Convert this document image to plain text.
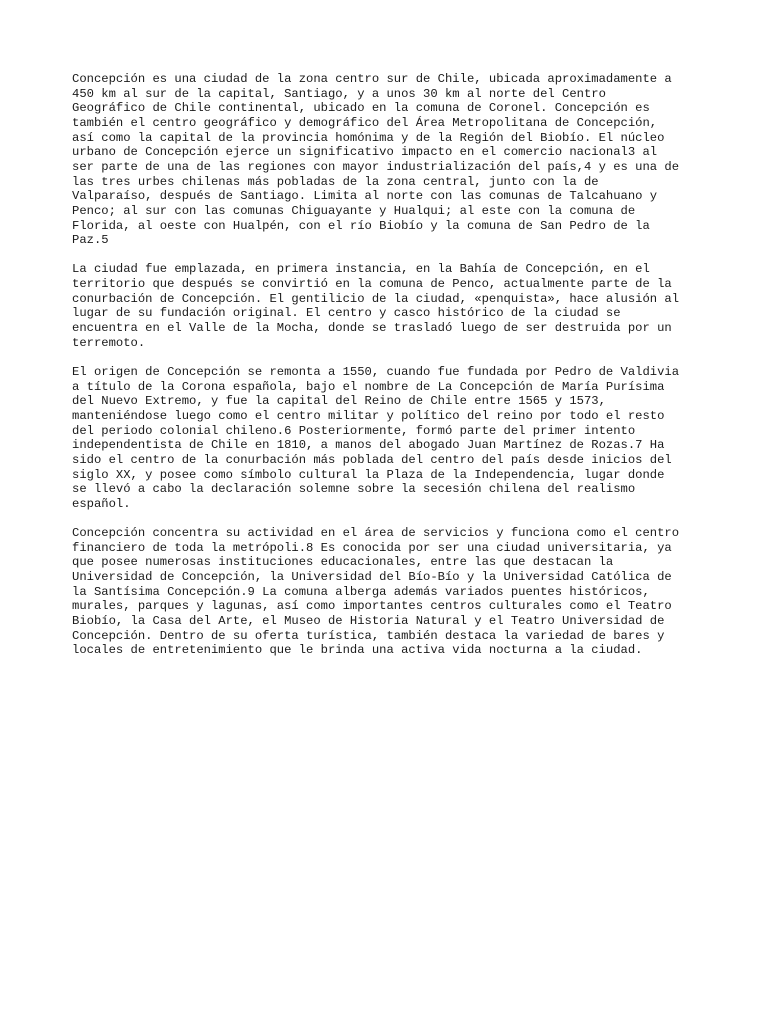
Concepción es una ciudad de la zona centro sur de Chile, ubicada aproximadamente a
450 km al sur de la capital, Santiago, y a unos 30 km al norte del Centro
Geográfico de Chile continental, ubicado en la comuna de Coronel. Concepción es
también el centro geográfico y demográfico del Área Metropolitana de Concepción,
así como la capital de la provincia homónima y de la Región del Biobío. El núcleo
urbano de Concepción ejerce un significativo impacto en el comercio nacional3 al
ser parte de una de las regiones con mayor industrialización del país,4 y es una de
las tres urbes chilenas más pobladas de la zona central, junto con la de
Valparaíso, después de Santiago. Limita al norte con las comunas de Talcahuano y
Penco; al sur con las comunas Chiguayante y Hualqui; al este con la comuna de
Florida, al oeste con Hualpén, con el río Biobío y la comuna de San Pedro de la
Paz.5

La ciudad fue emplazada, en primera instancia, en la Bahía de Concepción, en el
territorio que después se convirtió en la comuna de Penco, actualmente parte de la
conurbación de Concepción. El gentilicio de la ciudad, «penquista», hace alusión al
lugar de su fundación original. El centro y casco histórico de la ciudad se
encuentra en el Valle de la Mocha, donde se trasladó luego de ser destruida por un
terremoto.

El origen de Concepción se remonta a 1550, cuando fue fundada por Pedro de Valdivia
a título de la Corona española, bajo el nombre de La Concepción de María Purísima
del Nuevo Extremo, y fue la capital del Reino de Chile entre 1565 y 1573,
manteniéndose luego como el centro militar y político del reino por todo el resto
del periodo colonial chileno.6 Posteriormente, formó parte del primer intento
independentista de Chile en 1810, a manos del abogado Juan Martínez de Rozas.7 Ha
sido el centro de la conurbación más poblada del centro del país desde inicios del
siglo XX, y posee como símbolo cultural la Plaza de la Independencia, lugar donde
se llevó a cabo la declaración solemne sobre la secesión chilena del realismo
español.

Concepción concentra su actividad en el área de servicios y funciona como el centro
financiero de toda la metrópoli.8 Es conocida por ser una ciudad universitaria, ya
que posee numerosas instituciones educacionales, entre las que destacan la
Universidad de Concepción, la Universidad del Bío-Bío y la Universidad Católica de
la Santísima Concepción.9 La comuna alberga además variados puentes históricos,
murales, parques y lagunas, así como importantes centros culturales como el Teatro
Biobío, la Casa del Arte, el Museo de Historia Natural y el Teatro Universidad de
Concepción. Dentro de su oferta turística, también destaca la variedad de bares y
locales de entretenimiento que le brinda una activa vida nocturna a la ciudad.
